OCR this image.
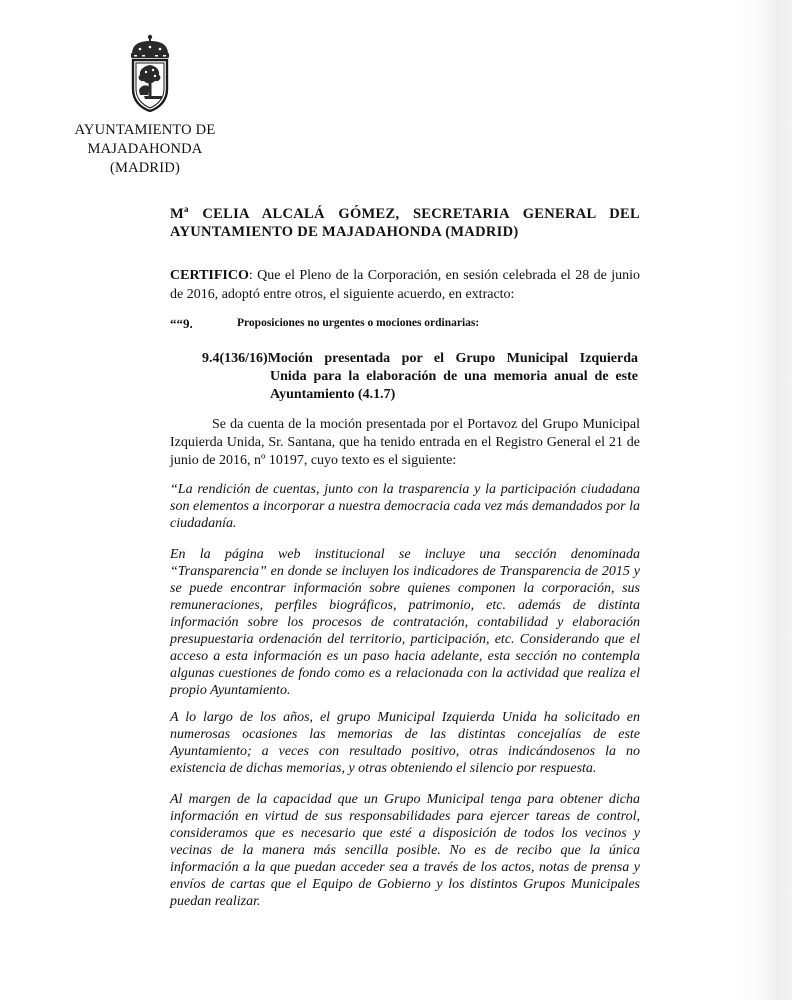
AYUNTAMIENTO DE
MAJADAHONDA
(MADRID)
$M^a$ CELIA ALCALÁ GÓMEZ, SECRETARIA GENERAL DEL AYUNTAMIENTO DE MAJADAHONDA (MADRID)
CERTIFICO: Que el Pleno de la Corporación, en sesión celebrada el 28 de junio de 2016, adoptó entre otros, el siguiente acuerdo, en extracto:
““9.	Proposiciones no urgentes o mociones ordinarias:
9.4(136/16)Moción presentada por el Grupo Municipal Izquierda
Unida para la elaboración de una memoria anual de este Ayuntamiento (4.1.7)
Se da cuenta de la moción presentada por el Portavoz del Grupo Municipal Izquierda Unida, Sr. Santana, que ha tenido entrada en el Registro General el 21 de junio de 2016, nº 10197, cuyo texto es el siguiente:
“La rendición de cuentas, junto con la trasparencia y la participación ciudadana son elementos a incorporar a nuestra democracia cada vez más demandados por la ciudadanía.
En la página web institucional se incluye una sección denominada “Transparencia” en donde se incluyen los indicadores de Transparencia de 2015 y se puede encontrar información sobre quienes componen la corporación, sus remuneraciones, perfiles biográficos, patrimonio, etc. además de distinta información sobre los procesos de contratación, contabilidad y elaboración presupuestaria ordenación del territorio, participación, etc. Considerando que el acceso a esta información es un paso hacia adelante, esta sección no contempla algunas cuestiones de fondo como es a relacionada con la actividad que realiza el propio Ayuntamiento.
A lo largo de los años, el grupo Municipal Izquierda Unida ha solicitado en numerosas ocasiones las memorias de las distintas concejalías de este Ayuntamiento; a veces con resultado positivo, otras indicándosenos la no existencia de dichas memorias, y otras obteniendo el silencio por respuesta.
Al margen de la capacidad que un Grupo Municipal tenga para obtener dicha información en virtud de sus responsabilidades para ejercer tareas de control, consideramos que es necesario que esté a disposición de todos los vecinos y vecinas de la manera más sencilla posible. No es de recibo que la única información a la que puedan acceder sea a través de los actos, notas de prensa y envíos de cartas que el Equipo de Gobierno y los distintos Grupos Municipales puedan realizar.
